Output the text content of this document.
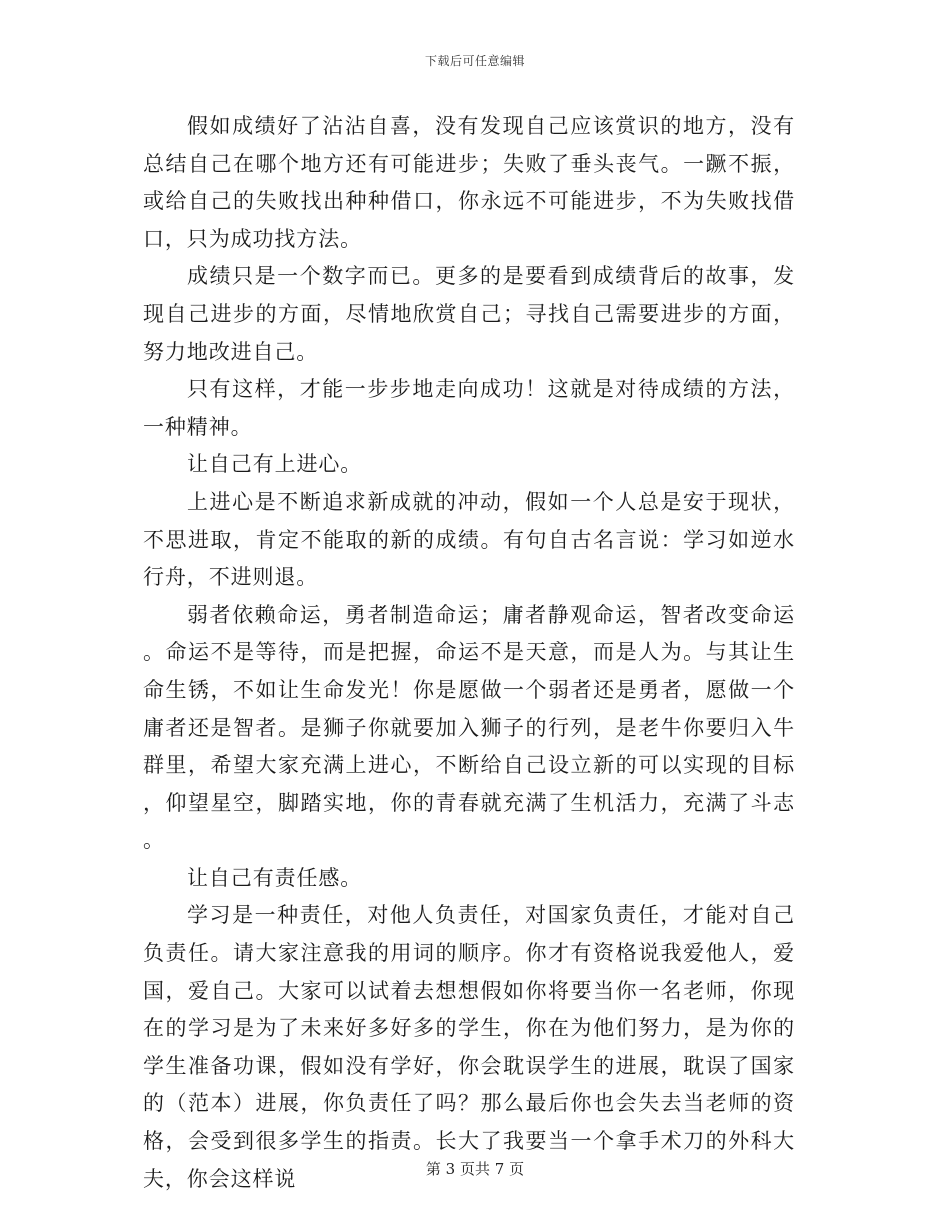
下载后可任意编辑

假如成绩好了沾沾自喜，没有发现自己应该赏识的地方，没有总结自己在哪个地方还有可能进步；失败了垂头丧气。一蹶不振，或给自己的失败找出种种借口，你永远不可能进步，不为失败找借口，只为成功找方法。

成绩只是一个数字而已。更多的是要看到成绩背后的故事，发现自己进步的方面，尽情地欣赏自己；寻找自己需要进步的方面，努力地改进自己。

只有这样，才能一步步地走向成功！这就是对待成绩的方法，一种精神。

让自己有上进心。

上进心是不断追求新成就的冲动，假如一个人总是安于现状，不思进取，肯定不能取的新的成绩。有句自古名言说：学习如逆水行舟，不进则退。

弱者依赖命运，勇者制造命运；庸者静观命运，智者改变命运。命运不是等待，而是把握，命运不是天意，而是人为。与其让生命生锈，不如让生命发光！你是愿做一个弱者还是勇者，愿做一个庸者还是智者。是狮子你就要加入狮子的行列，是老牛你要归入牛群里，希望大家充满上进心，不断给自己设立新的可以实现的目标，仰望星空，脚踏实地，你的青春就充满了生机活力，充满了斗志。

让自己有责任感。

学习是一种责任，对他人负责任，对国家负责任，才能对自己负责任。请大家注意我的用词的顺序。你才有资格说我爱他人，爱国，爱自己。大家可以试着去想想假如你将要当你一名老师，你现在的学习是为了未来好多好多的学生，你在为他们努力，是为你的学生准备功课，假如没有学好，你会耽误学生的进展，耽误了国家的（范本）进展，你负责任了吗？那么最后你也会失去当老师的资格，会受到很多学生的指责。长大了我要当一个拿手术刀的外科大夫，你会这样说	第 3 页共 7 页
